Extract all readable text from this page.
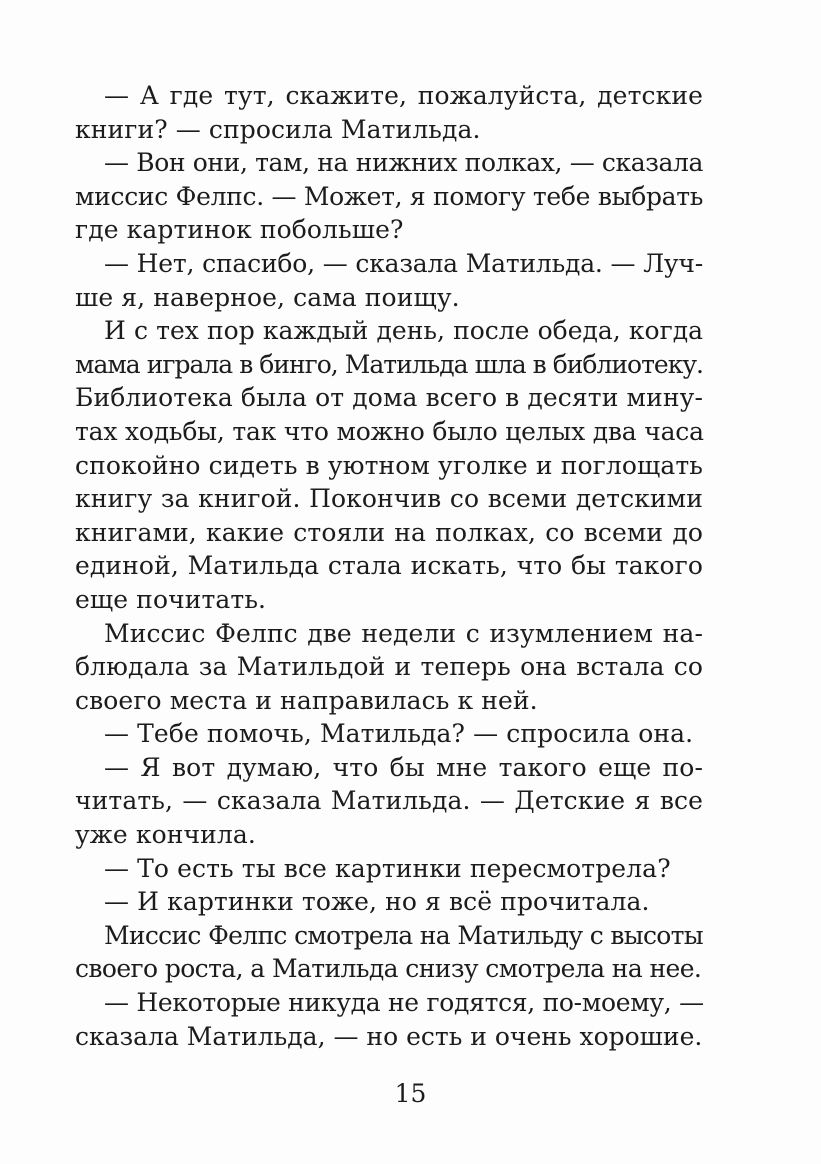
— А где тут, скажите, пожалуйста, детские
книги? — спросила Матильда.
— Вон они, там, на нижних полках, — сказала
миссис Фелпс. — Может, я помогу тебе выбрать
где картинок побольше?
— Нет, спасибо, — сказала Матильда. — Луч-
ше я, наверное, сама поищу.
И с тех пор каждый день, после обеда, когда
мама играла в бинго, Матильда шла в библиотеку.
Библиотека была от дома всего в десяти мину-
тах ходьбы, так что можно было целых два часа
спокойно сидеть в уютном уголке и поглощать
книгу за книгой. Покончив со всеми детскими
книгами, какие стояли на полках, со всеми до
единой, Матильда стала искать, что бы такого
еще почитать.
Миссис Фелпс две недели с изумлением на-
блюдала за Матильдой и теперь она встала со
своего места и направилась к ней.
— Тебе помочь, Матильда? — спросила она.
— Я вот думаю, что бы мне такого еще по-
читать, — сказала Матильда. — Детские я все
уже кончила.
— То есть ты все картинки пересмотрела?
— И картинки тоже, но я всё прочитала.
Миссис Фелпс смотрела на Матильду с высоты
своего роста, а Матильда снизу смотрела на нее.
— Некоторые никуда не годятся, по-моему, —
сказала Матильда, — но есть и очень хорошие.
15
